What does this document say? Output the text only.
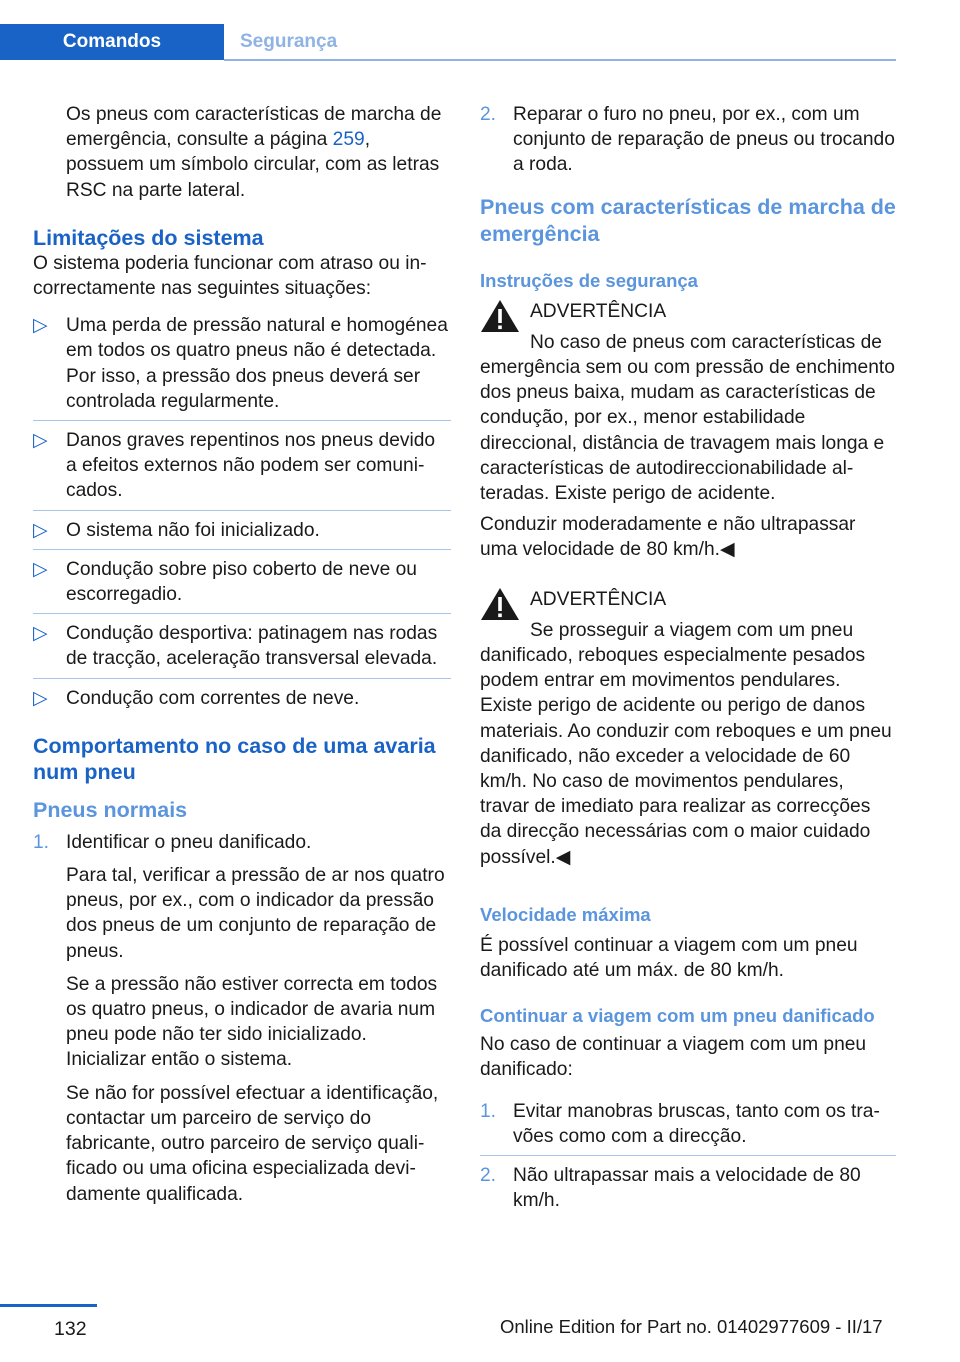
Comandos	Segurança

Os pneus com características de marcha de emergência, consulte a página 259, possuem um símbolo circular, com as letras RSC na parte lateral.

Limitações do sistema

O sistema poderia funcionar com atraso ou incorrectamente nas seguintes situações:

▷ Uma perda de pressão natural e homogénea em todos os quatro pneus não é detectada. Por isso, a pressão dos pneus deverá ser controlada regularmente.
▷ Danos graves repentinos nos pneus devido a efeitos externos não podem ser comunicados.
▷ O sistema não foi inicializado.
▷ Condução sobre piso coberto de neve ou escorregadio.
▷ Condução desportiva: patinagem nas rodas de tracção, aceleração transversal elevada.
▷ Condução com correntes de neve.
Comportamento no caso de uma avaria num pneu
Pneus normais
1. Identificar o pneu danificado.

Para tal, verificar a pressão de ar nos quatro pneus, por ex., com o indicador da pressão dos pneus de um conjunto de reparação de pneus.

Se a pressão não estiver correcta em todos os quatro pneus, o indicador de avaria num pneu pode não ter sido inicializado. Inicializar então o sistema.

Se não for possível efectuar a identificação, contactar um parceiro de serviço do fabricante, outro parceiro de serviço qualificado ou uma oficina especializada devidamente qualificada.

2. Reparar o furo no pneu, por ex., com um conjunto de reparação de pneus ou trocando a roda.
Pneus com características de marcha de emergência
Instruções de segurança

ADVERTÊNCIA

No caso de pneus com características de

emergência sem ou com pressão de enchimento dos pneus baixa, mudam as características de condução, por ex., menor estabilidade direccional, distância de travagem mais longa e características de autodireccionabilidade alteradas. Existe perigo de acidente.

Conduzir moderadamente e não ultrapassar uma velocidade de 80 km/h.◀

ADVERTÊNCIA

Se prosseguir a viagem com um pneu

danificado, reboques especialmente pesados podem entrar em movimentos pendulares. Existe perigo de acidente ou perigo de danos materiais. Ao conduzir com reboques e um pneu danificado, não exceder a velocidade de 60 km/h. No caso de movimentos pendulares, travar de imediato para realizar as correcções da direcção necessárias com o maior cuidado possível.◀

Velocidade máxima

É possível continuar a viagem com um pneu danificado até um máx. de 80 km/h.

Continuar a viagem com um pneu danificado

No caso de continuar a viagem com um pneu danificado:

1. Evitar manobras bruscas, tanto com os travões como com a direcção.
2. Não ultrapassar mais a velocidade de 80 km/h.
132	Online Edition for Part no. 01402977609 - II/17
